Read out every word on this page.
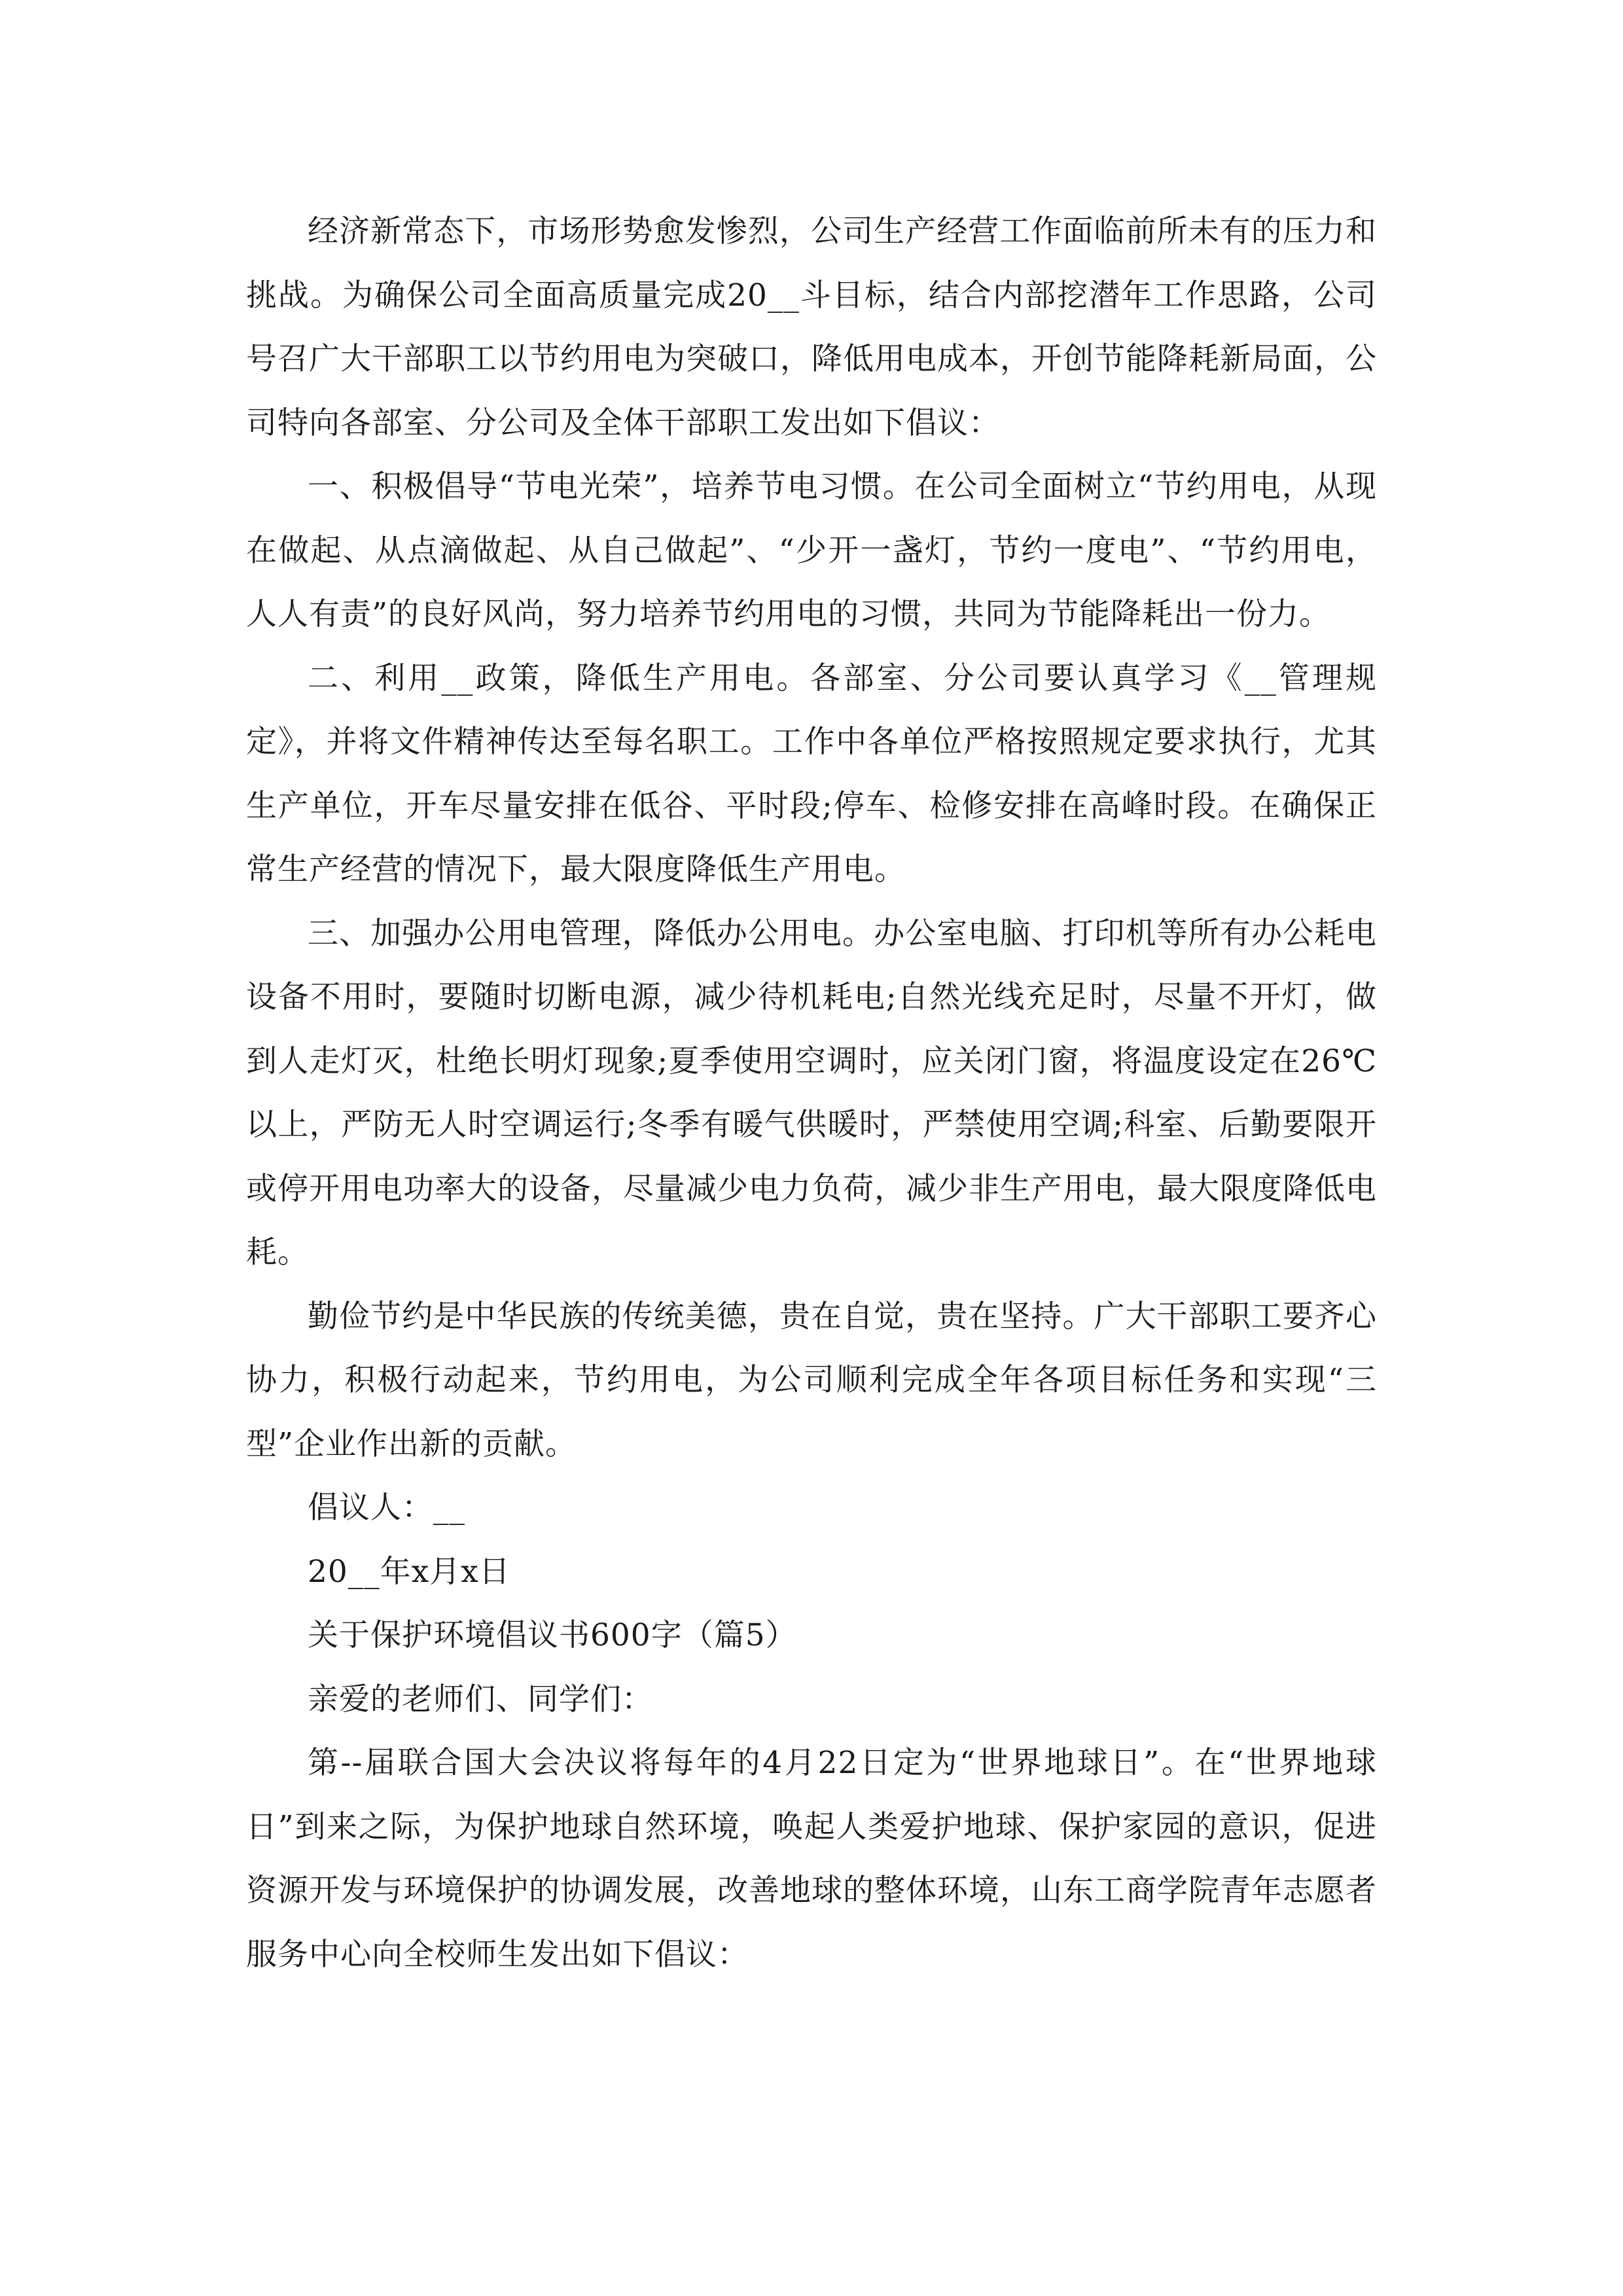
经济新常态下，市场形势愈发惨烈，公司生产经营工作面临前所未有的压力和挑战。为确保公司全面高质量完成20__斗目标，结合内部挖潜年工作思路，公司号召广大干部职工以节约用电为突破口，降低用电成本，开创节能降耗新局面，公司特向各部室、分公司及全体干部职工发出如下倡议：

一、积极倡导“节电光荣”，培养节电习惯。在公司全面树立“节约用电，从现在做起、从点滴做起、从自己做起”、“少开一盏灯，节约一度电”、“节约用电，人人有责”的良好风尚，努力培养节约用电的习惯，共同为节能降耗出一份力。

二、利用__政策，降低生产用电。各部室、分公司要认真学习《__管理规定》，并将文件精神传达至每名职工。工作中各单位严格按照规定要求执行，尤其生产单位，开车尽量安排在低谷、平时段;停车、检修安排在高峰时段。在确保正常生产经营的情况下，最大限度降低生产用电。

三、加强办公用电管理，降低办公用电。办公室电脑、打印机等所有办公耗电设备不用时，要随时切断电源，减少待机耗电;自然光线充足时，尽量不开灯，做到人走灯灭，杜绝长明灯现象;夏季使用空调时，应关闭门窗，将温度设定在26℃以上，严防无人时空调运行;冬季有暖气供暖时，严禁使用空调;科室、后勤要限开或停开用电功率大的设备，尽量减少电力负荷，减少非生产用电，最大限度降低电耗。

勤俭节约是中华民族的传统美德，贵在自觉，贵在坚持。广大干部职工要齐心协力，积极行动起来，节约用电，为公司顺利完成全年各项目标任务和实现“三型”企业作出新的贡献。

倡议人：__

20__年x月x日

关于保护环境倡议书600字（篇5）

亲爱的老师们、同学们：

第--届联合国大会决议将每年的4月22日定为“世界地球日”。在“世界地球日”到来之际，为保护地球自然环境，唤起人类爱护地球、保护家园的意识，促进资源开发与环境保护的协调发展，改善地球的整体环境，山东工商学院青年志愿者服务中心向全校师生发出如下倡议：
